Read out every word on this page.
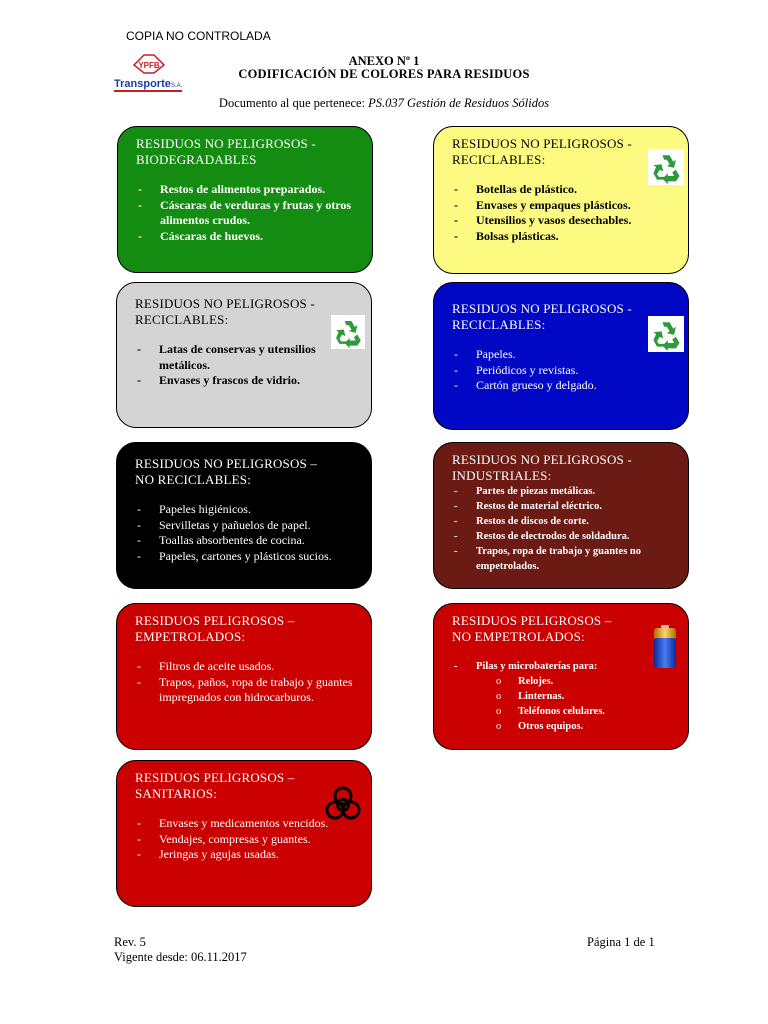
COPIA NO CONTROLADA
YPFB
Transporte S.A.
ANEXO Nº 1
CODIFICACIÓN DE COLORES PARA RESIDUOS
Documento al que pertenece: PS.037 Gestión de Residuos Sólidos
RESIDUOS NO PELIGROSOS -
BIODEGRADABLES
- Restos de alimentos preparados.
- Cáscaras de verduras y frutas y otros alimentos crudos.
- Cáscaras de huevos.
RESIDUOS NO PELIGROSOS -
RECICLABLES:
- Botellas de plástico.
- Envases y empaques plásticos.
- Utensilios y vasos desechables.
- Bolsas plásticas.
RESIDUOS NO PELIGROSOS -
RECICLABLES:
- Latas de conservas y utensilios metálicos.
- Envases y frascos de vidrio.
RESIDUOS NO PELIGROSOS -
RECICLABLES:
- Papeles.
- Periódicos y revistas.
- Cartón grueso y delgado.
RESIDUOS NO PELIGROSOS –
NO RECICLABLES:
- Papeles higiénicos.
- Servilletas y pañuelos de papel.
- Toallas absorbentes de cocina.
- Papeles, cartones y plásticos sucios.
RESIDUOS NO PELIGROSOS -
INDUSTRIALES:
- Partes de piezas metálicas.
- Restos de material eléctrico.
- Restos de discos de corte.
- Restos de electrodos de soldadura.
- Trapos, ropa de trabajo y guantes no empetrolados.
RESIDUOS PELIGROSOS –
EMPETROLADOS:
- Filtros de aceite usados.
- Trapos, paños, ropa de trabajo y guantes impregnados con hidrocarburos.
RESIDUOS PELIGROSOS –
NO EMPETROLADOS:
- Pilas y microbaterías para:
o Relojes.
o Linternas.
o Teléfonos celulares.
o Otros equipos.
RESIDUOS PELIGROSOS –
SANITARIOS:
- Envases y medicamentos vencidos.
- Vendajes, compresas y guantes.
- Jeringas y agujas usadas.
Rev. 5
Vigente desde: 06.11.2017
Página 1 de 1
